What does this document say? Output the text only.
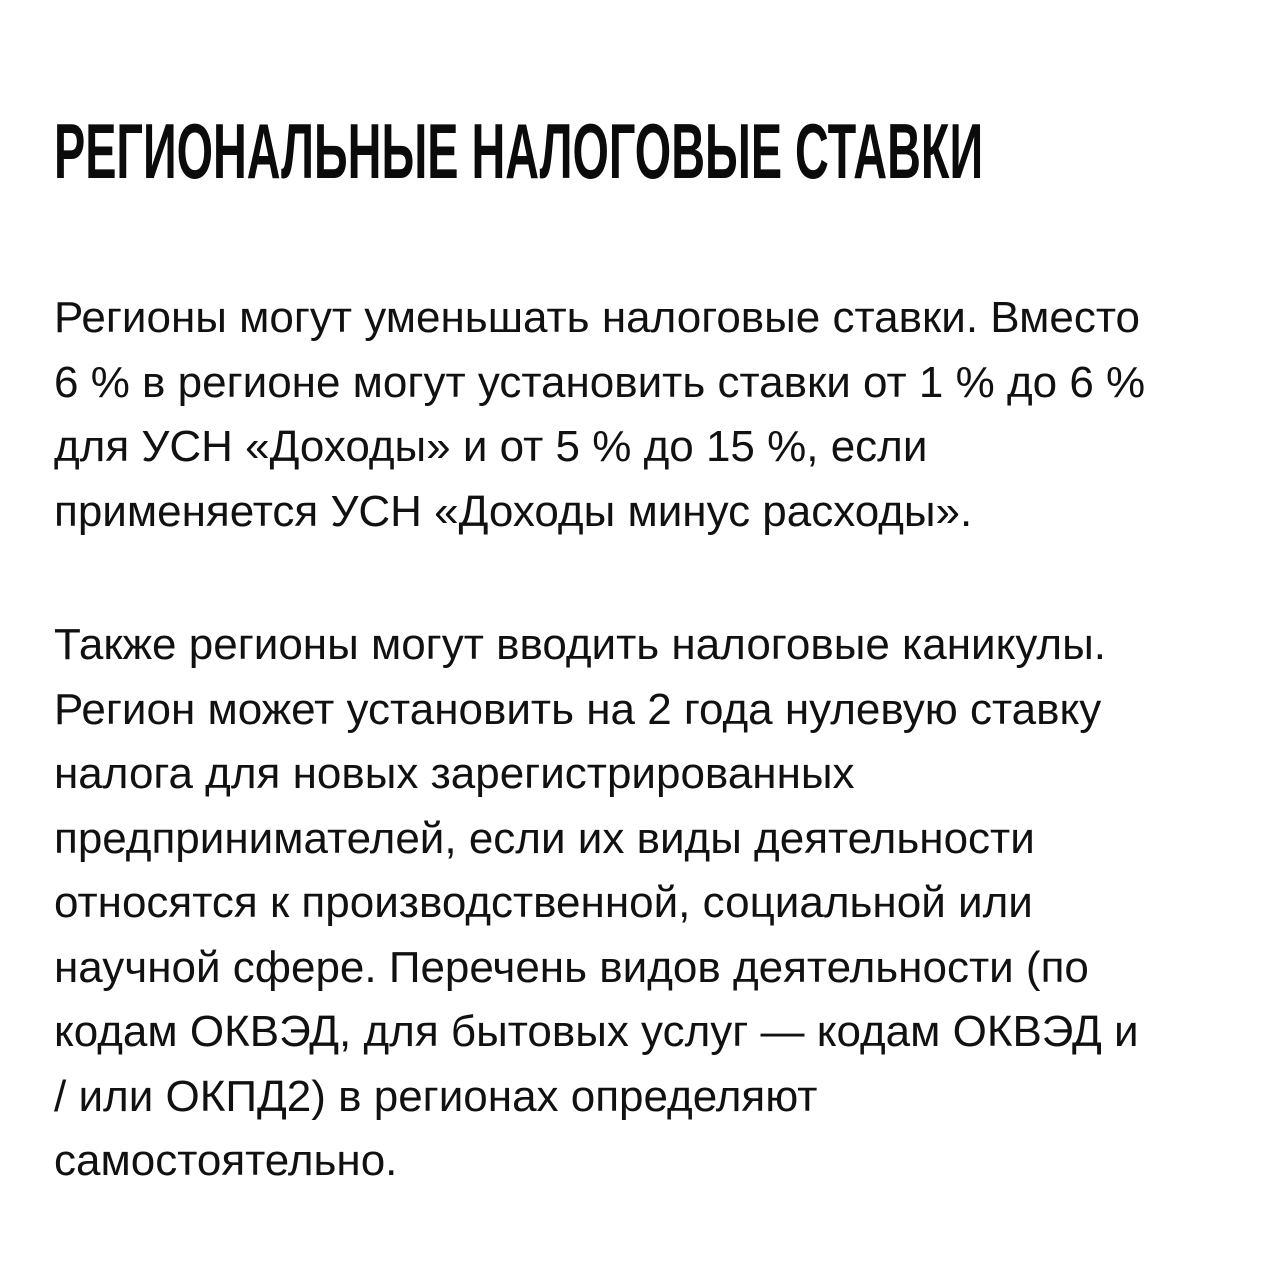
РЕГИОНАЛЬНЫЕ НАЛОГОВЫЕ СТАВКИ

Регионы могут уменьшать налоговые ставки. Вместо
6 % в регионе могут установить ставки от 1 % до 6 %
для УСН «Доходы» и от 5 % до 15 %, если
применяется УСН «Доходы минус расходы».

Также регионы могут вводить налоговые каникулы.
Регион может установить на 2 года нулевую ставку
налога для новых зарегистрированных
предпринимателей, если их виды деятельности
относятся к производственной, социальной или
научной сфере. Перечень видов деятельности (по
кодам ОКВЭД, для бытовых услуг — кодам ОКВЭД и
/ или ОКПД2) в регионах определяют
самостоятельно.
